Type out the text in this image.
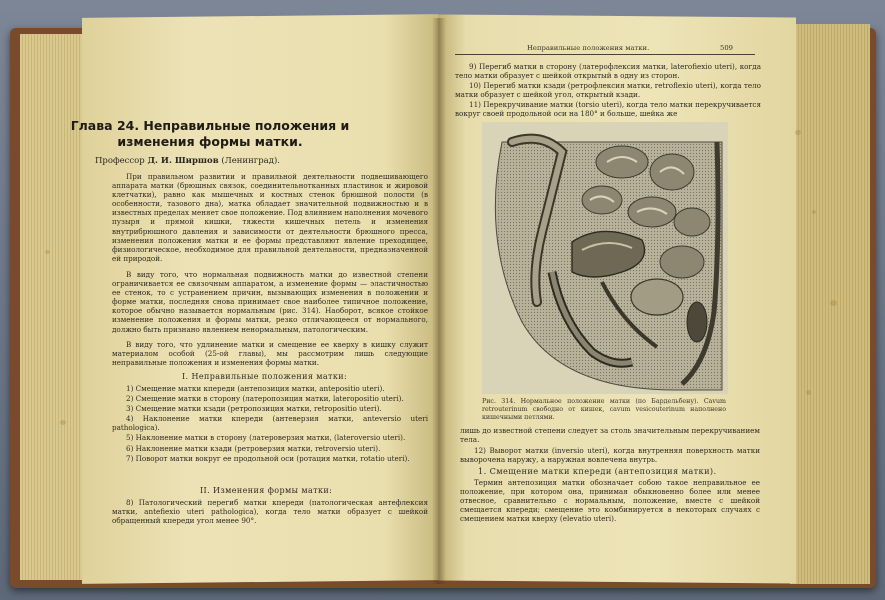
Глава 24. Неправильные положения и изменения формы матки.
Профессор Д. И. Ширшов (Ленинград).
При правильном развитии и правильной деятельности подвешивающего аппарата матки (брюшных связок, соединительнотканных пластинок и жировой клетчатки), равно как мышечных и костных стенок брюшной полости (в особенности, тазового дна), матка обладает значительной подвижностью и в известных пределах меняет свое положение. Под влиянием наполнения мочевого пузыря и прямой кишки, тяжести кишечных петель и изменения внутрибрюшного давления и зависимости от деятельности брюшного пресса, изменения положения матки и ее формы представляют явление преходящее, физиологическое, необходимое для правильной деятельности, предназначенной ей природой.
В виду того, что нормальная подвижность матки до известной степени ограничивается ее связочным аппаратом, а изменение формы — эластичностью ее стенок, то с устранением причин, вызывающих изменения в положении и форме матки, последняя снова принимает свое наиболее типичное положение, которое обычно называется нормальным (рис. 314). Наоборот, всякое стойкое изменение положения и формы матки, резко отличающееся от нормального, должно быть признано явлением ненормальным, патологическим.
В виду того, что удлинение матки и смещение ее кверху в кишку служит материалом особой (25-ой главы), мы рассмотрим лишь следующие неправильные положения и изменения формы матки.
I. Неправильные положения матки:
1) Смещение матки кпереди (антепозиция матки, antepositio uteri).
2) Смещение матки в сторону (латеропозиция матки, lateropositio uteri).
3) Смещение матки кзади (ретропозиция матки, retropositio uteri).
4) Наклонение матки кпереди (антеверзия матки, anteversio uteri pathologica).
5) Наклонение матки в сторону (латероверзия матки, (lateroversio uteri).
6) Наклонение матки кзади (ретроверзия матки, retroversio uteri).
7) Поворот матки вокруг ее продольной оси (ротация матки, rotatio uteri).
II. Изменения формы матки:
8) Патологический перегиб матки кпереди (патологическая антефлексия матки, antefiexio uteri pathologica), когда тело матки образует с шейкой обращенный кпереди угол менее 90°.
Неправильные положения матки.	509
9) Перегиб матки в сторону (латерофлексия матки, laterofiexio uteri), когда тело матки образует с шейкой открытый в одну из сторон.
10) Перегиб матки кзади (ретрофлексия матки, retroflexio uteri), когда тело матки образует с шейкой угол, открытый кзади.
11) Перекручивание матки (torsio uteri), когда тело матки перекручивается вокруг своей продольной оси на 180° и больше, шейка же
Рис. 314. Нормальное положение матки (по Бардельбену). Cavum retrouterinum свободно от кишек, cavum vesicouterinum наполнено кишечными петлями.
лишь до известной степени следует за столь значительным перекручиванием тела.
12) Выворот матки (inversio uteri), когда внутренняя поверхность матки выворочена наружу, а наружная вовлечена внутрь.
1. Смещение матки кпереди (антепозиция матки).
Термин антепозиция матки обозначает собою такое неправильное ее положение, при котором она, принимая обыкновенно более или менее отвесное, сравнительно с нормальным, положение, вместе с шейкой смещается кпереди; смещение это комбинируется в некоторых случаях с смещением матки кверху (elevatio uteri).
